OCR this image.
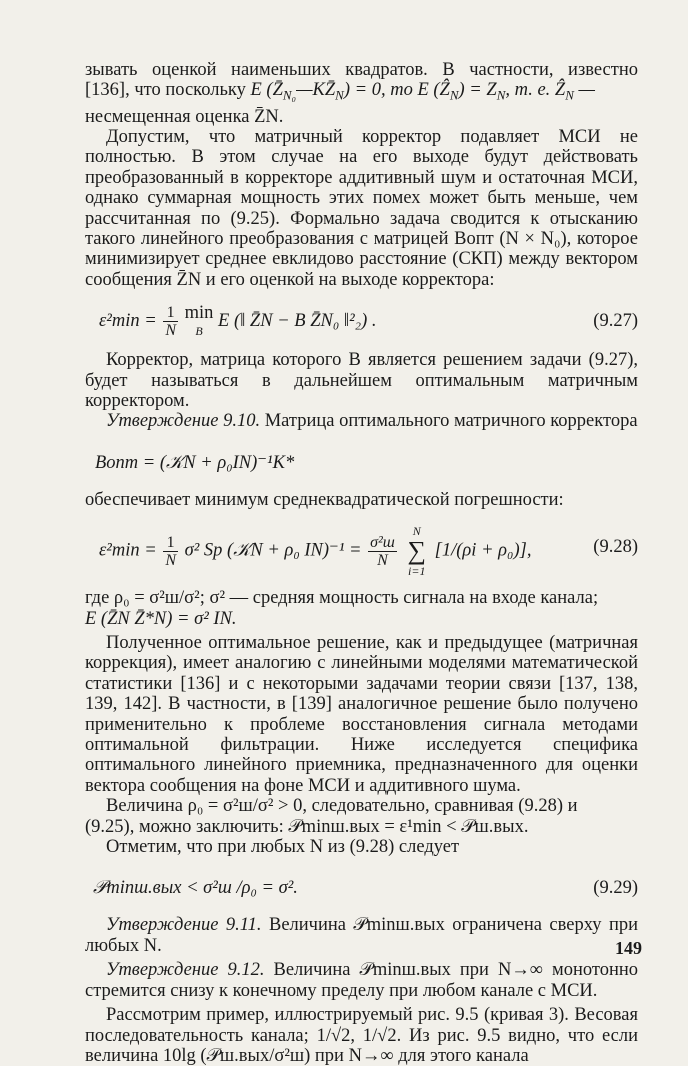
зывать оценкой наименьших квадратов. В частности, известно

[136], что поскольку E $(Z̄_{N_0}—KZ̄_N) = 0$, то E (Ẑ$_N$) = $Z_N$, т. е. Ẑ$_N$ —

несмещенная оценка Z̄N.

Допустим, что матричный корректор подавляет МСИ не полностью. В этом случае на его выходе будут действовать преобразованный в корректоре аддитивный шум и остаточная МСИ, однако суммарная мощность этих помех может быть меньше, чем рассчитанная по (9.25). Формально задача сводится к отысканию такого линейного преобразования с матрицей Bопт (N × N₀), которое минимизирует среднее евклидово расстояние (СКП) между вектором сообщения Z̄N и его оценкой на выходе корректора:

$\varepsilon^2\min = \frac{1}{N}$ min
B E (‖ Z̄N − B Z̄N₀ ‖²₂) .	(9.27)

Корректор, матрица которого В является решением задачи (9.27), будет называться в дальнейшем оптимальным матричным корректором.

Утверждение 9.10. Матрица оптимального матричного корректора

Bопт = (𝒦N + ρ₀IN)⁻¹K*

обеспечивает минимум среднеквадратической погрешности:

$\varepsilon^2\min = \frac{1}{N} \sigma^2$ Sp (𝒦N + ρ₀ $IN)^{-1} = \frac{\text{σ²ш}}{N}$

N
∑
i=1
[1/(ρi + ρ₀)],	(9.28)

где ρ₀ = σ²ш/σ²; σ² — средняя мощность сигнала на входе канала;

E (Z̄N Z̄*N) = σ² IN.

Полученное оптимальное решение, как и предыдущее (матричная коррекция), имеет аналогию с линейными моделями математической статистики [136] и с некоторыми задачами теории связи [137, 138, 139, 142]. В частности, в [139] аналогичное решение было получено применительно к проблеме восстановления сигнала методами оптимальной фильтрации. Ниже исследуется специфика оптимального линейного приемника, предназначенного для оценки вектора сообщения на фоне МСИ и аддитивного шума.

Величина ρ₀ = σ²ш/σ² > 0, следовательно, сравнивая (9.28) и

(9.25), можно заключить: 𝒫minш.вых = ε¹min < 𝒫ш.вых.

Отметим, что при любых N из (9.28) следует

𝒫minш.вых < σ²ш /ρ₀ = σ².	(9.29)

Утверждение 9.11. Величина 𝒫minш.вых ограничена сверху при любых N.

Утверждение 9.12. Величина 𝒫minш.вых при N→∞ монотонно стремится снизу к конечному пределу при любом канале с МСИ.

Рассмотрим пример, иллюстрируемый рис. 9.5 (кривая 3). Весовая последовательность канала; 1/√2, 1/√2. Из рис. 9.5 видно, что если величина 10lg (𝒫ш.вых/σ²ш) при N→∞ для этого канала

149
